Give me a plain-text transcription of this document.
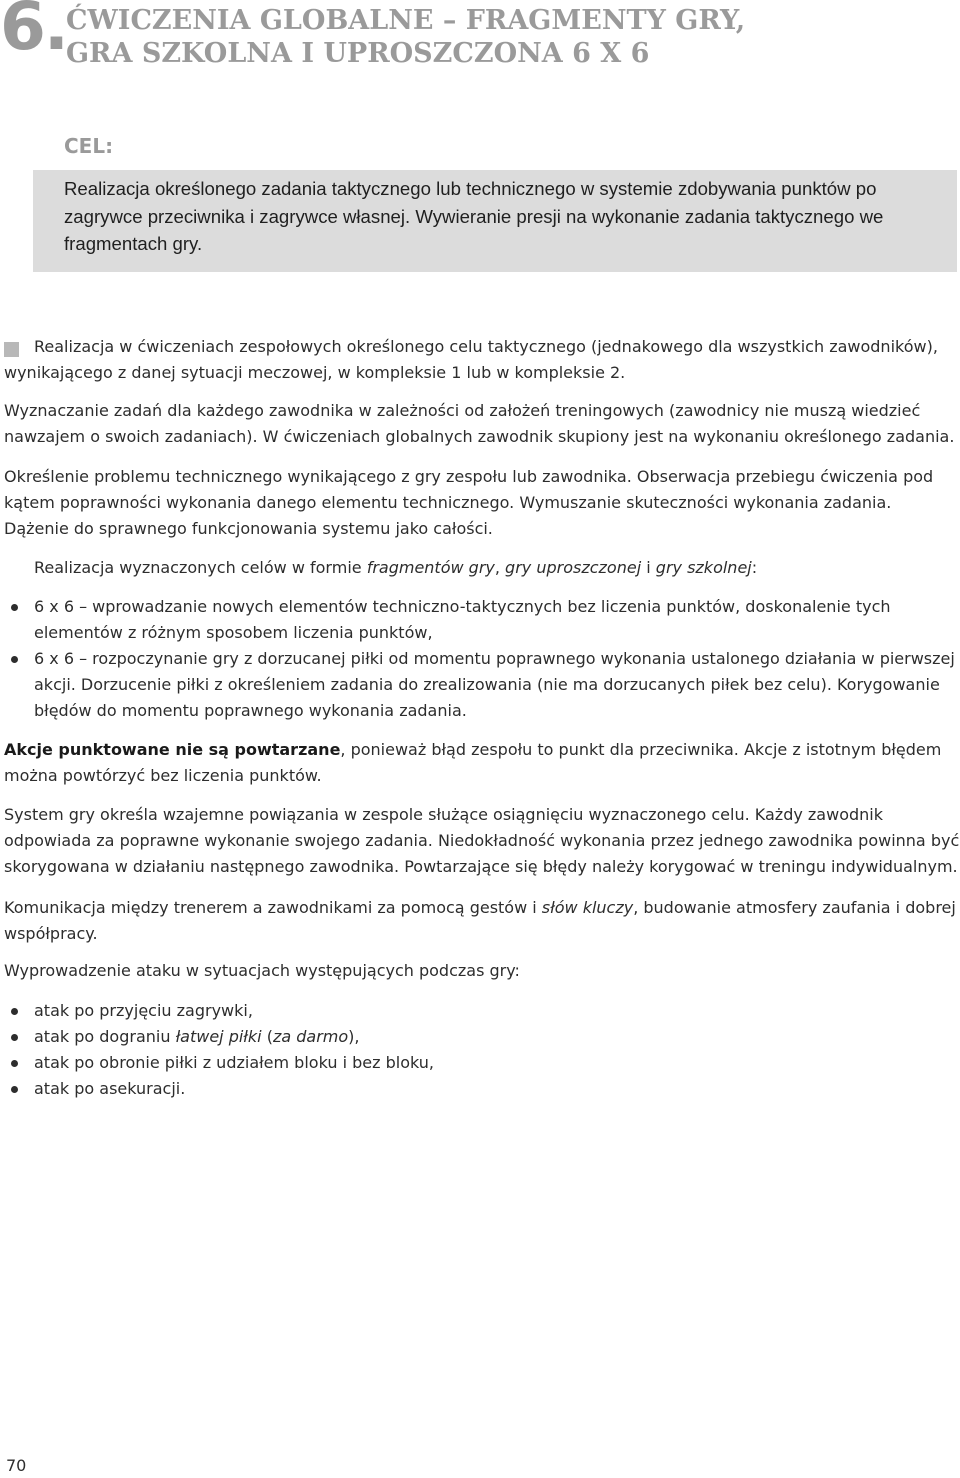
6. ĆWICZENIA GLOBALNE – FRAGMENTY GRY,
GRA SZKOLNA I UPROSZCZONA 6 X 6
CEL:
Realizacja określonego zadania taktycznego lub technicznego w systemie zdobywania punktów po zagrywce przeciwnika i zagrywce własnej. Wywieranie presji na wykonanie zadania taktycznego we fragmentach gry.

Realizacja w ćwiczeniach zespołowych określonego celu taktycznego (jednakowego dla wszystkich zawodników), wynikającego z danej sytuacji meczowej, w kompleksie 1 lub w kompleksie 2.

Wyznaczanie zadań dla każdego zawodnika w zależności od założeń treningowych (zawodnicy nie muszą wiedzieć nawzajem o swoich zadaniach). W ćwiczeniach globalnych zawodnik skupiony jest na wykonaniu określonego zadania.

Określenie problemu technicznego wynikającego z gry zespołu lub zawodnika. Obserwacja przebiegu ćwiczenia pod kątem poprawności wykonania danego elementu technicznego. Wymuszanie skuteczności wykonania zadania. Dążenie do sprawnego funkcjonowania systemu jako całości.

Realizacja wyznaczonych celów w formie fragmentów gry, gry uproszczonej i gry szkolnej:

6 x 6 – wprowadzanie nowych elementów techniczno-taktycznych bez liczenia punktów, doskonalenie tych elementów z różnym sposobem liczenia punktów,
6 x 6 – rozpoczynanie gry z dorzucanej piłki od momentu poprawnego wykonania ustalonego działania w pierwszej akcji. Dorzucenie piłki z określeniem zadania do zrealizowania (nie ma dorzucanych piłek bez celu). Korygowanie błędów do momentu poprawnego wykonania zadania.

Akcje punktowane nie są powtarzane, ponieważ błąd zespołu to punkt dla przeciwnika. Akcje z istotnym błędem można powtórzyć bez liczenia punktów.

System gry określa wzajemne powiązania w zespole służące osiągnięciu wyznaczonego celu. Każdy zawodnik odpowiada za poprawne wykonanie swojego zadania. Niedokładność wykonania przez jednego zawodnika powinna być skorygowana w działaniu następnego zawodnika. Powtarzające się błędy należy korygować w treningu indywidualnym.

Komunikacja między trenerem a zawodnikami za pomocą gestów i słów kluczy, budowanie atmosfery zaufania i dobrej współpracy.

Wyprowadzenie ataku w sytuacjach występujących podczas gry:

atak po przyjęciu zagrywki,
atak po dograniu łatwej piłki (za darmo),
atak po obronie piłki z udziałem bloku i bez bloku,
atak po asekuracji.
70
